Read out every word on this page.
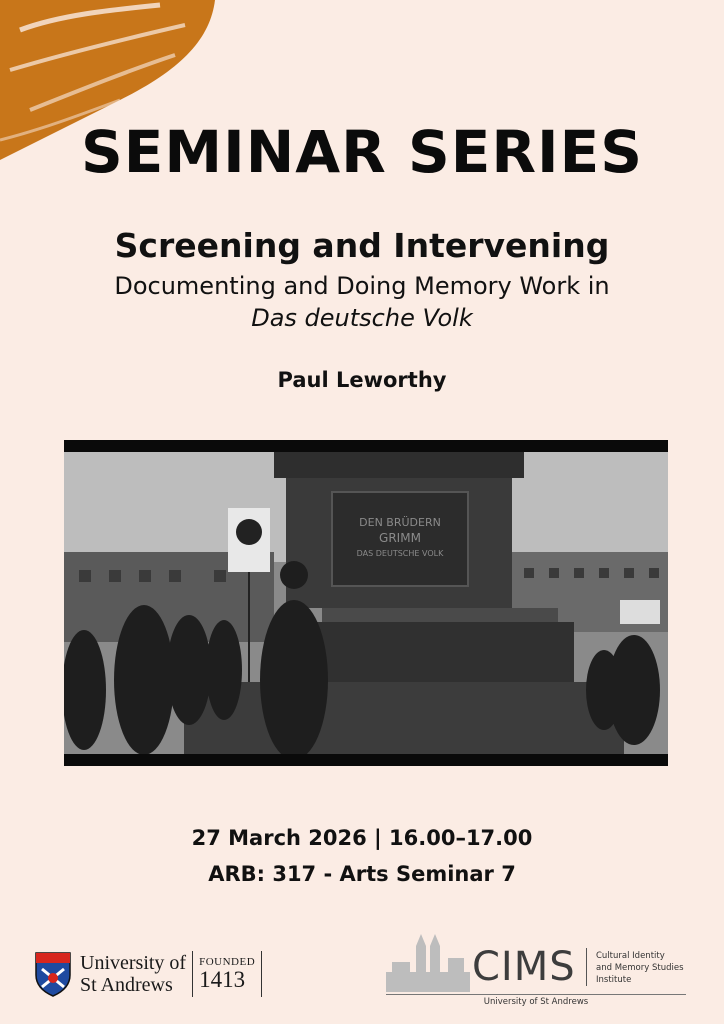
SEMINAR SERIES
Screening and Intervening
Documenting and Doing Memory Work in
Das deutsche Volk
Paul Leworthy
DEN BRÜDERN
GRIMM
DAS DEUTSCHE VOLK
27 March 2026 | 16.00–17.00
ARB: 317 - Arts Seminar 7
University of
St Andrews
FOUNDED
1413	CIMS Cultural Identity
and Memory Studies
Institute
University of St Andrews
